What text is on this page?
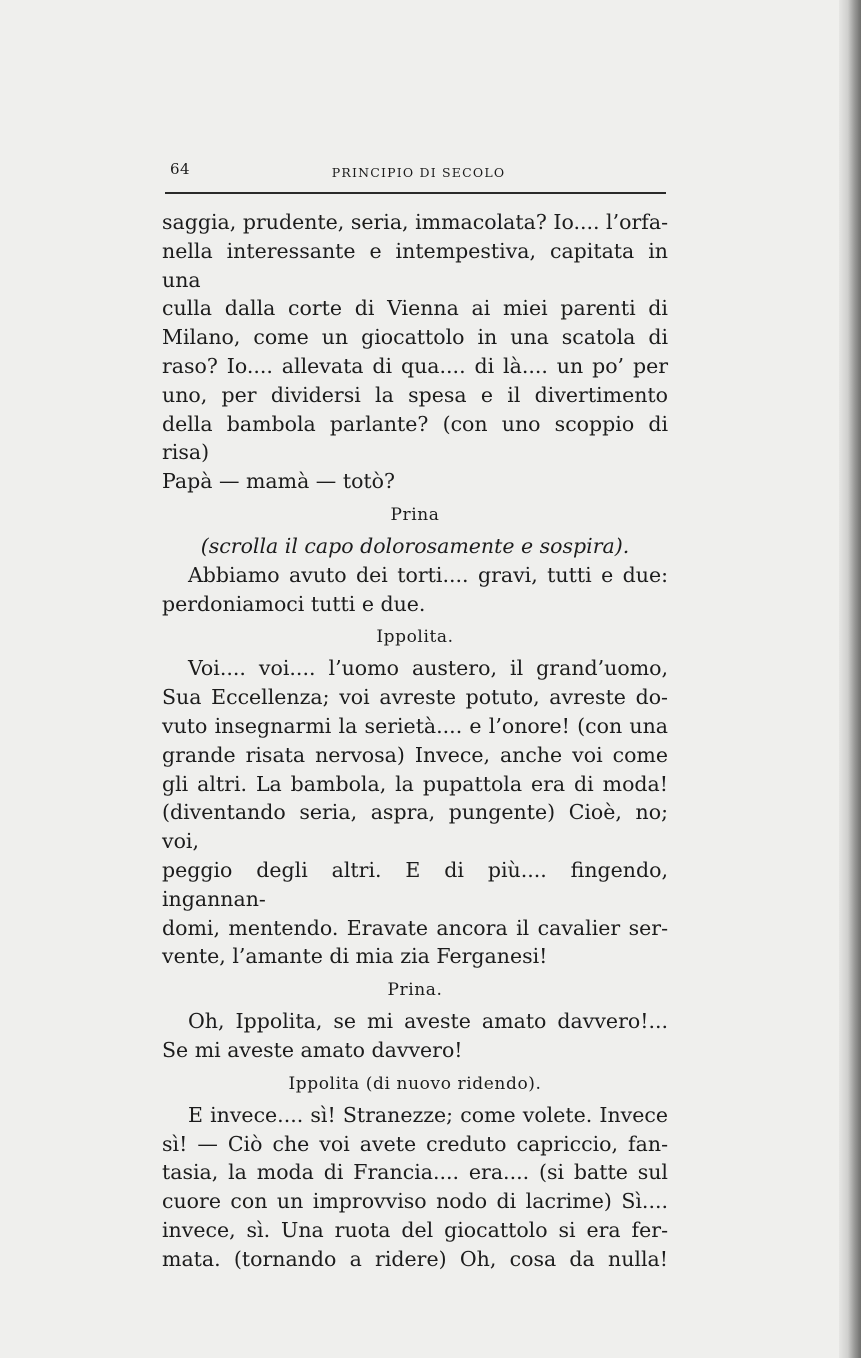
64	PRINCIPIO DI SECOLO

saggia, prudente, seria, immacolata? Io.... l’orfa-

nella interessante e intempestiva, capitata in una

culla dalla corte di Vienna ai miei parenti di

Milano, come un giocattolo in una scatola di

raso? Io.... allevata di qua.... di là.... un po’ per

uno, per dividersi la spesa e il divertimento

della bambola parlante? (con uno scoppio di risa)

Papà — mamà — totò?

Prina

(scrolla il capo dolorosamente e sospira).

Abbiamo avuto dei torti.... gravi, tutti e due:

perdoniamoci tutti e due.

Ippolita.

Voi.... voi.... l’uomo austero, il grand’uomo,

Sua Eccellenza; voi avreste potuto, avreste do-

vuto insegnarmi la serietà.... e l’onore! (con una

grande risata nervosa) Invece, anche voi come

gli altri. La bambola, la pupattola era di moda!

(diventando seria, aspra, pungente) Cioè, no; voi,

peggio degli altri. E di più.... fingendo, ingannan-

domi, mentendo. Eravate ancora il cavalier ser-

vente, l’amante di mia zia Ferganesi!

Prina.

Oh, Ippolita, se mi aveste amato davvero!...

Se mi aveste amato davvero!

Ippolita (di nuovo ridendo).

E invece.... sì! Stranezze; come volete. Invece

sì! — Ciò che voi avete creduto capriccio, fan-

tasia, la moda di Francia.... era.... (si batte sul

cuore con un improvviso nodo di lacrime) Sì....

invece, sì. Una ruota del giocattolo si era fer-

mata. (tornando a ridere) Oh, cosa da nulla!
